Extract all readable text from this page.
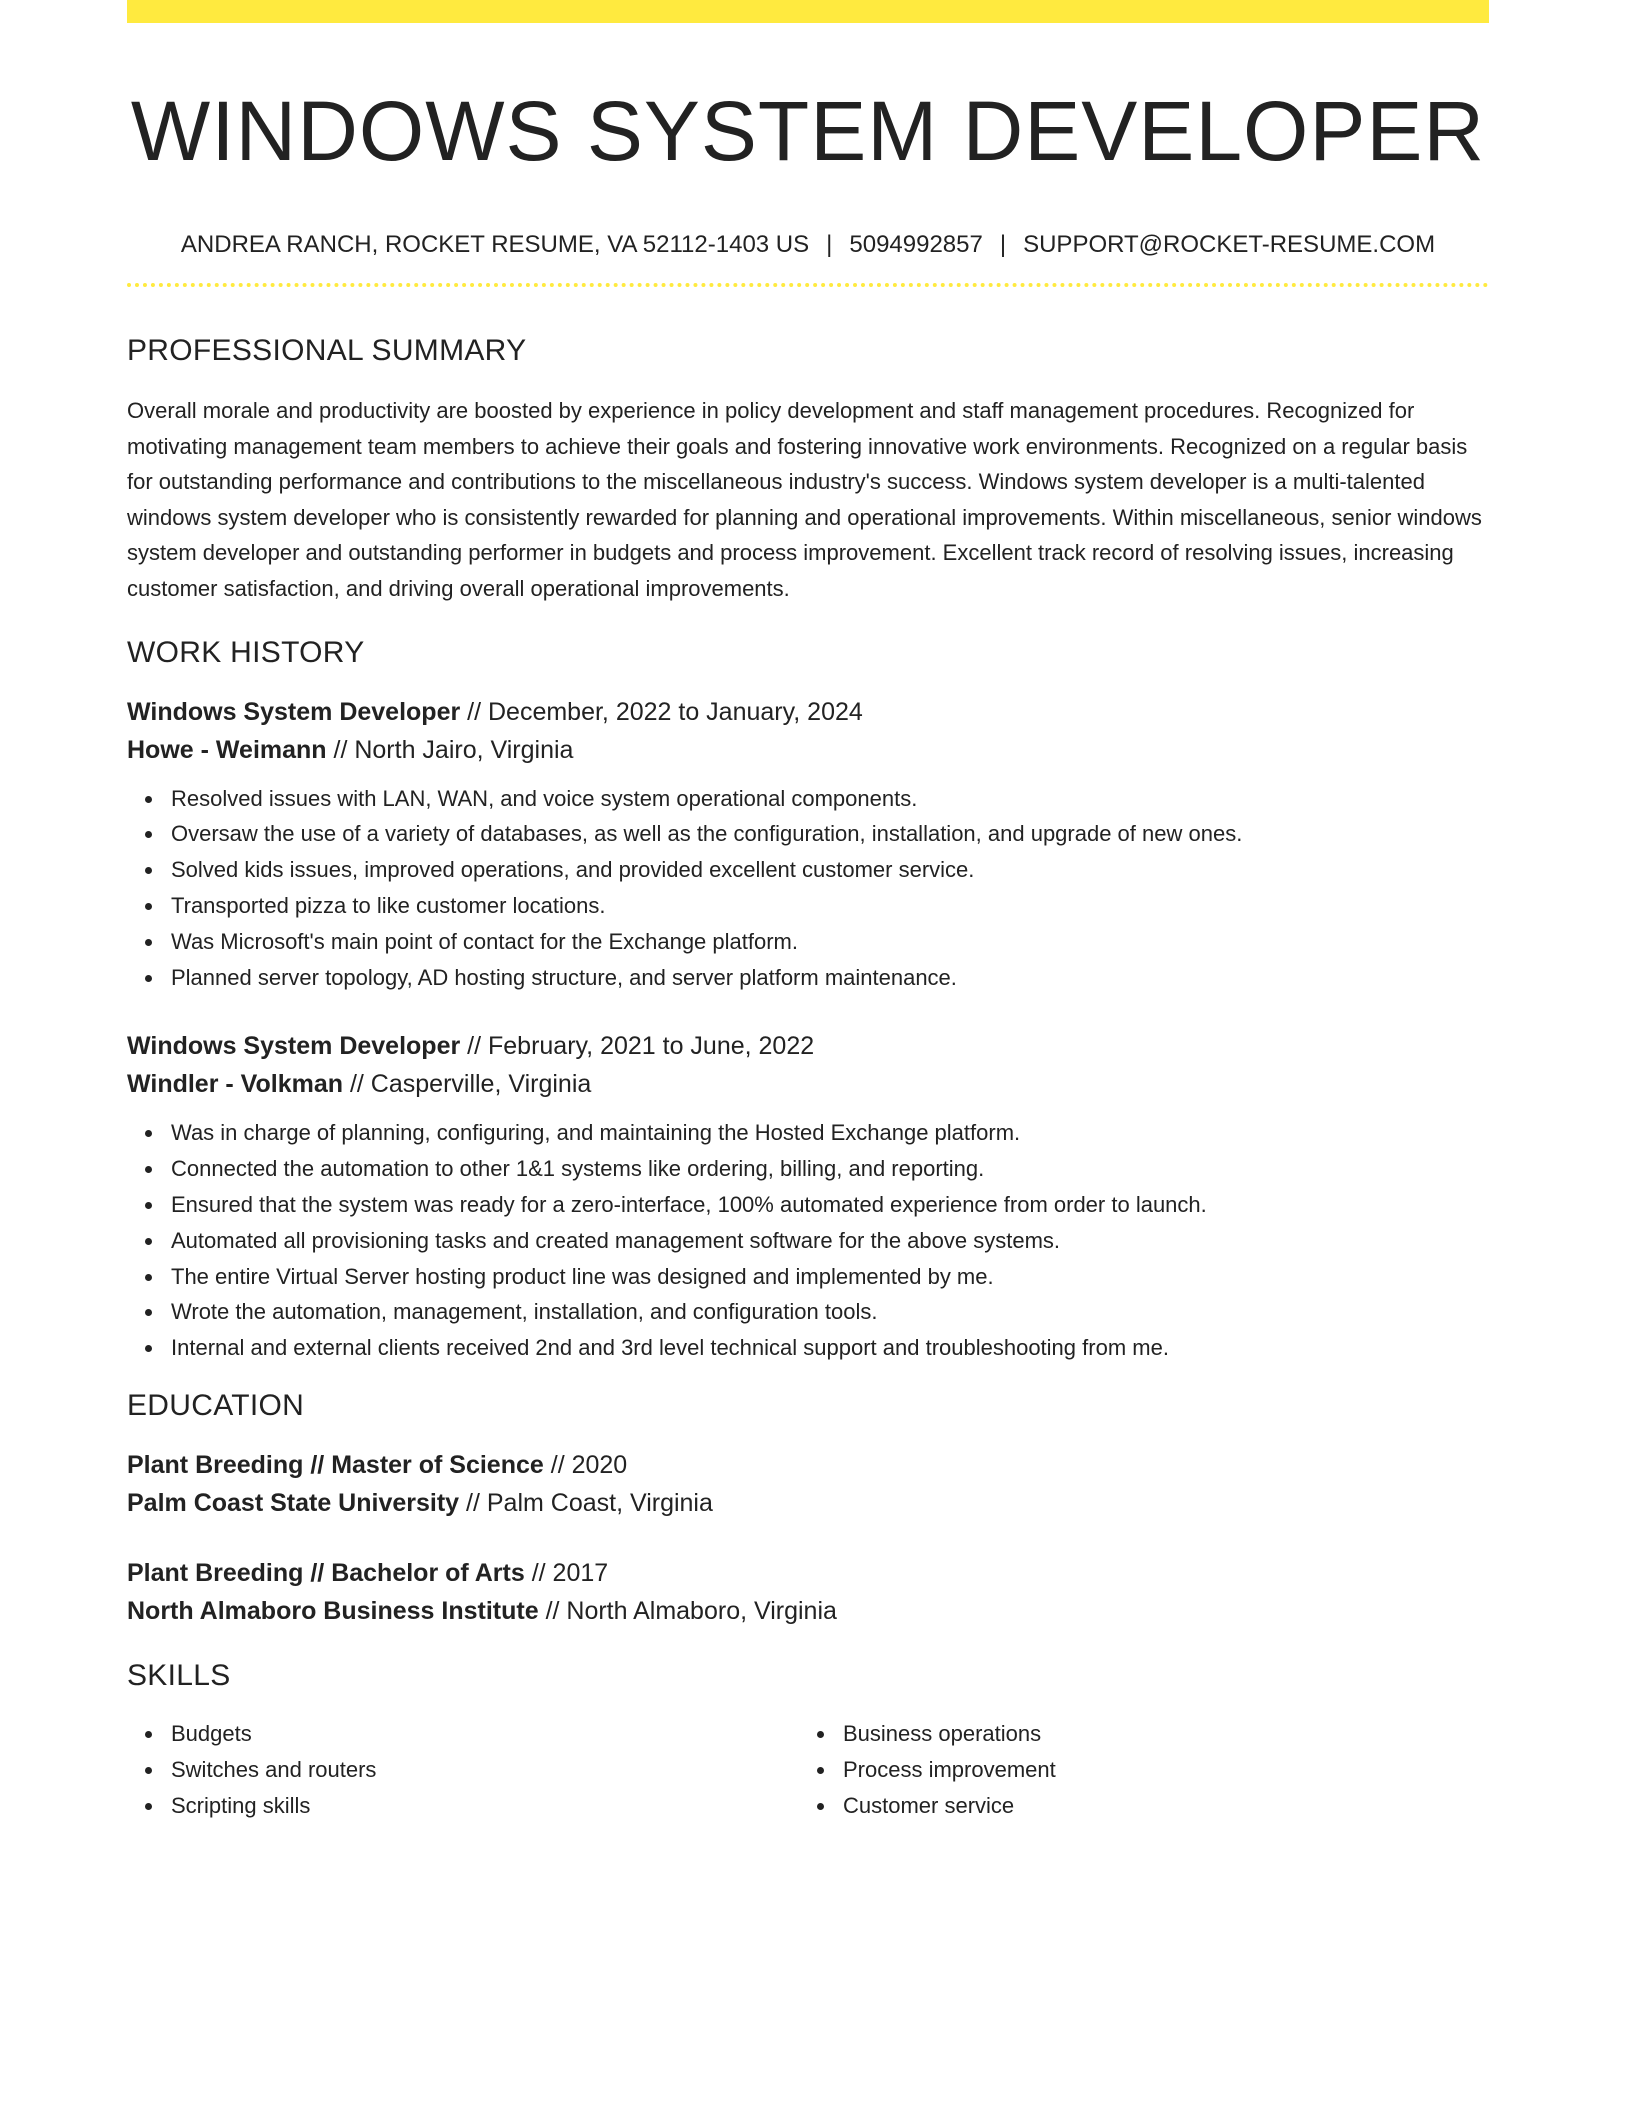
WINDOWS SYSTEM DEVELOPER
ANDREA RANCH, ROCKET RESUME, VA 52112-1403 US | 5094992857 | SUPPORT@ROCKET-RESUME.COM
PROFESSIONAL SUMMARY

Overall morale and productivity are boosted by experience in policy development and staff management procedures. Recognized for motivating management team members to achieve their goals and fostering innovative work environments. Recognized on a regular basis for outstanding performance and contributions to the miscellaneous industry's success. Windows system developer is a multi-talented windows system developer who is consistently rewarded for planning and operational improvements. Within miscellaneous, senior windows system developer and outstanding performer in budgets and process improvement. Excellent track record of resolving issues, increasing customer satisfaction, and driving overall operational improvements.

WORK HISTORY
Windows System Developer // December, 2022 to January, 2024
Howe - Weimann // North Jairo, Virginia
Resolved issues with LAN, WAN, and voice system operational components.
Oversaw the use of a variety of databases, as well as the configuration, installation, and upgrade of new ones.
Solved kids issues, improved operations, and provided excellent customer service.
Transported pizza to like customer locations.
Was Microsoft's main point of contact for the Exchange platform.
Planned server topology, AD hosting structure, and server platform maintenance.
Windows System Developer // February, 2021 to June, 2022
Windler - Volkman // Casperville, Virginia
Was in charge of planning, configuring, and maintaining the Hosted Exchange platform.
Connected the automation to other 1&1 systems like ordering, billing, and reporting.
Ensured that the system was ready for a zero-interface, 100% automated experience from order to launch.
Automated all provisioning tasks and created management software for the above systems.
The entire Virtual Server hosting product line was designed and implemented by me.
Wrote the automation, management, installation, and configuration tools.
Internal and external clients received 2nd and 3rd level technical support and troubleshooting from me.
EDUCATION
Plant Breeding // Master of Science // 2020
Palm Coast State University // Palm Coast, Virginia
Plant Breeding // Bachelor of Arts // 2017
North Almaboro Business Institute // North Almaboro, Virginia
SKILLS
Budgets
Switches and routers
Scripting skills
Business operations
Process improvement
Customer service
